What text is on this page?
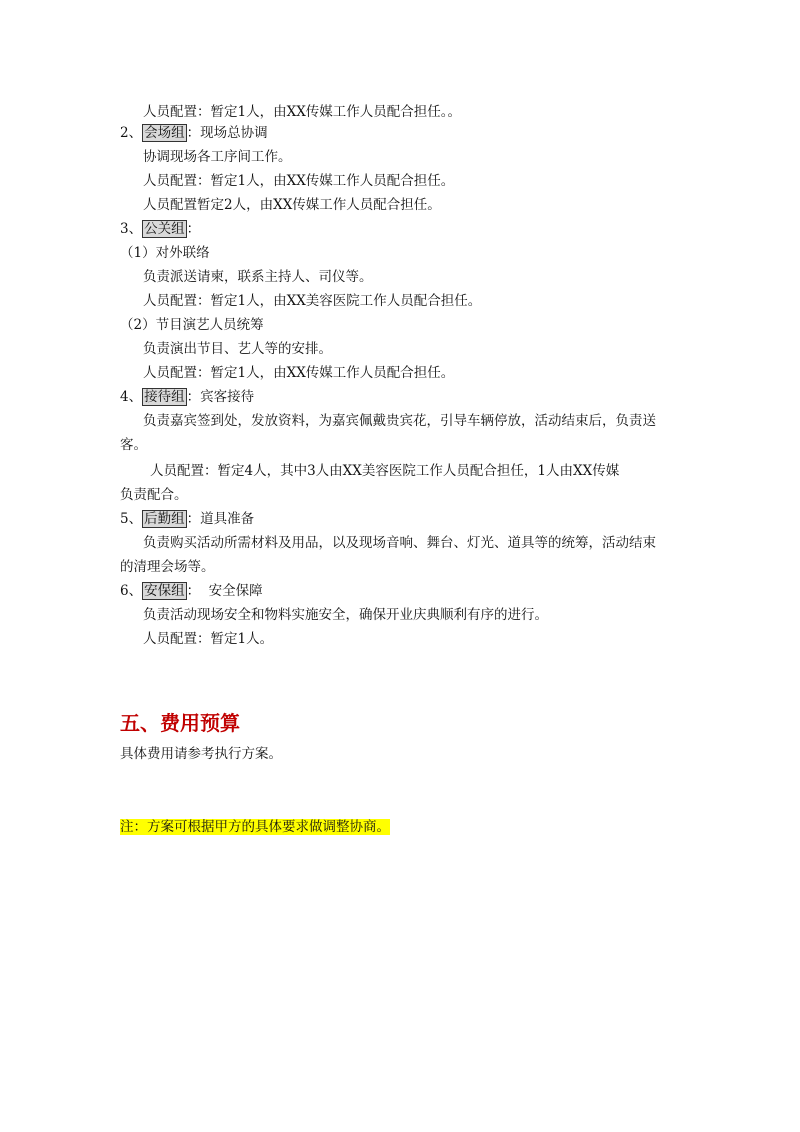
人员配置：暂定1人，由XX传媒工作人员配合担任。。
2、 会场组 ：现场总协调
协调现场各工序间工作。
人员配置：暂定1人，由XX传媒工作人员配合担任。
人员配置暂定2人，由XX传媒工作人员配合担任。
3、 公关组 ：
（1）对外联络
负责派送请柬，联系主持人、司仪等。
人员配置：暂定1人，由XX美容医院工作人员配合担任。
（2）节目演艺人员统筹
负责演出节目、艺人等的安排。
人员配置：暂定1人，由XX传媒工作人员配合担任。
4、 接待组 ：宾客接待
负责嘉宾签到处，发放资料，为嘉宾佩戴贵宾花，引导车辆停放，活动结束后，负责送
客。
人员配置：暂定4人，其中3人由XX美容医院工作人员配合担任，1人由XX传媒
负责配合。
5、 后勤组 ：道具准备
负责购买活动所需材料及用品，以及现场音响、舞台、灯光、道具等的统筹，活动结束
的清理会场等。
6、 安保组 ：  安全保障
负责活动现场安全和物料实施安全，确保开业庆典顺利有序的进行。
人员配置：暂定1人。
五、费用预算
具体费用请参考执行方案。
注：方案可根据甲方的具体要求做调整协商。
